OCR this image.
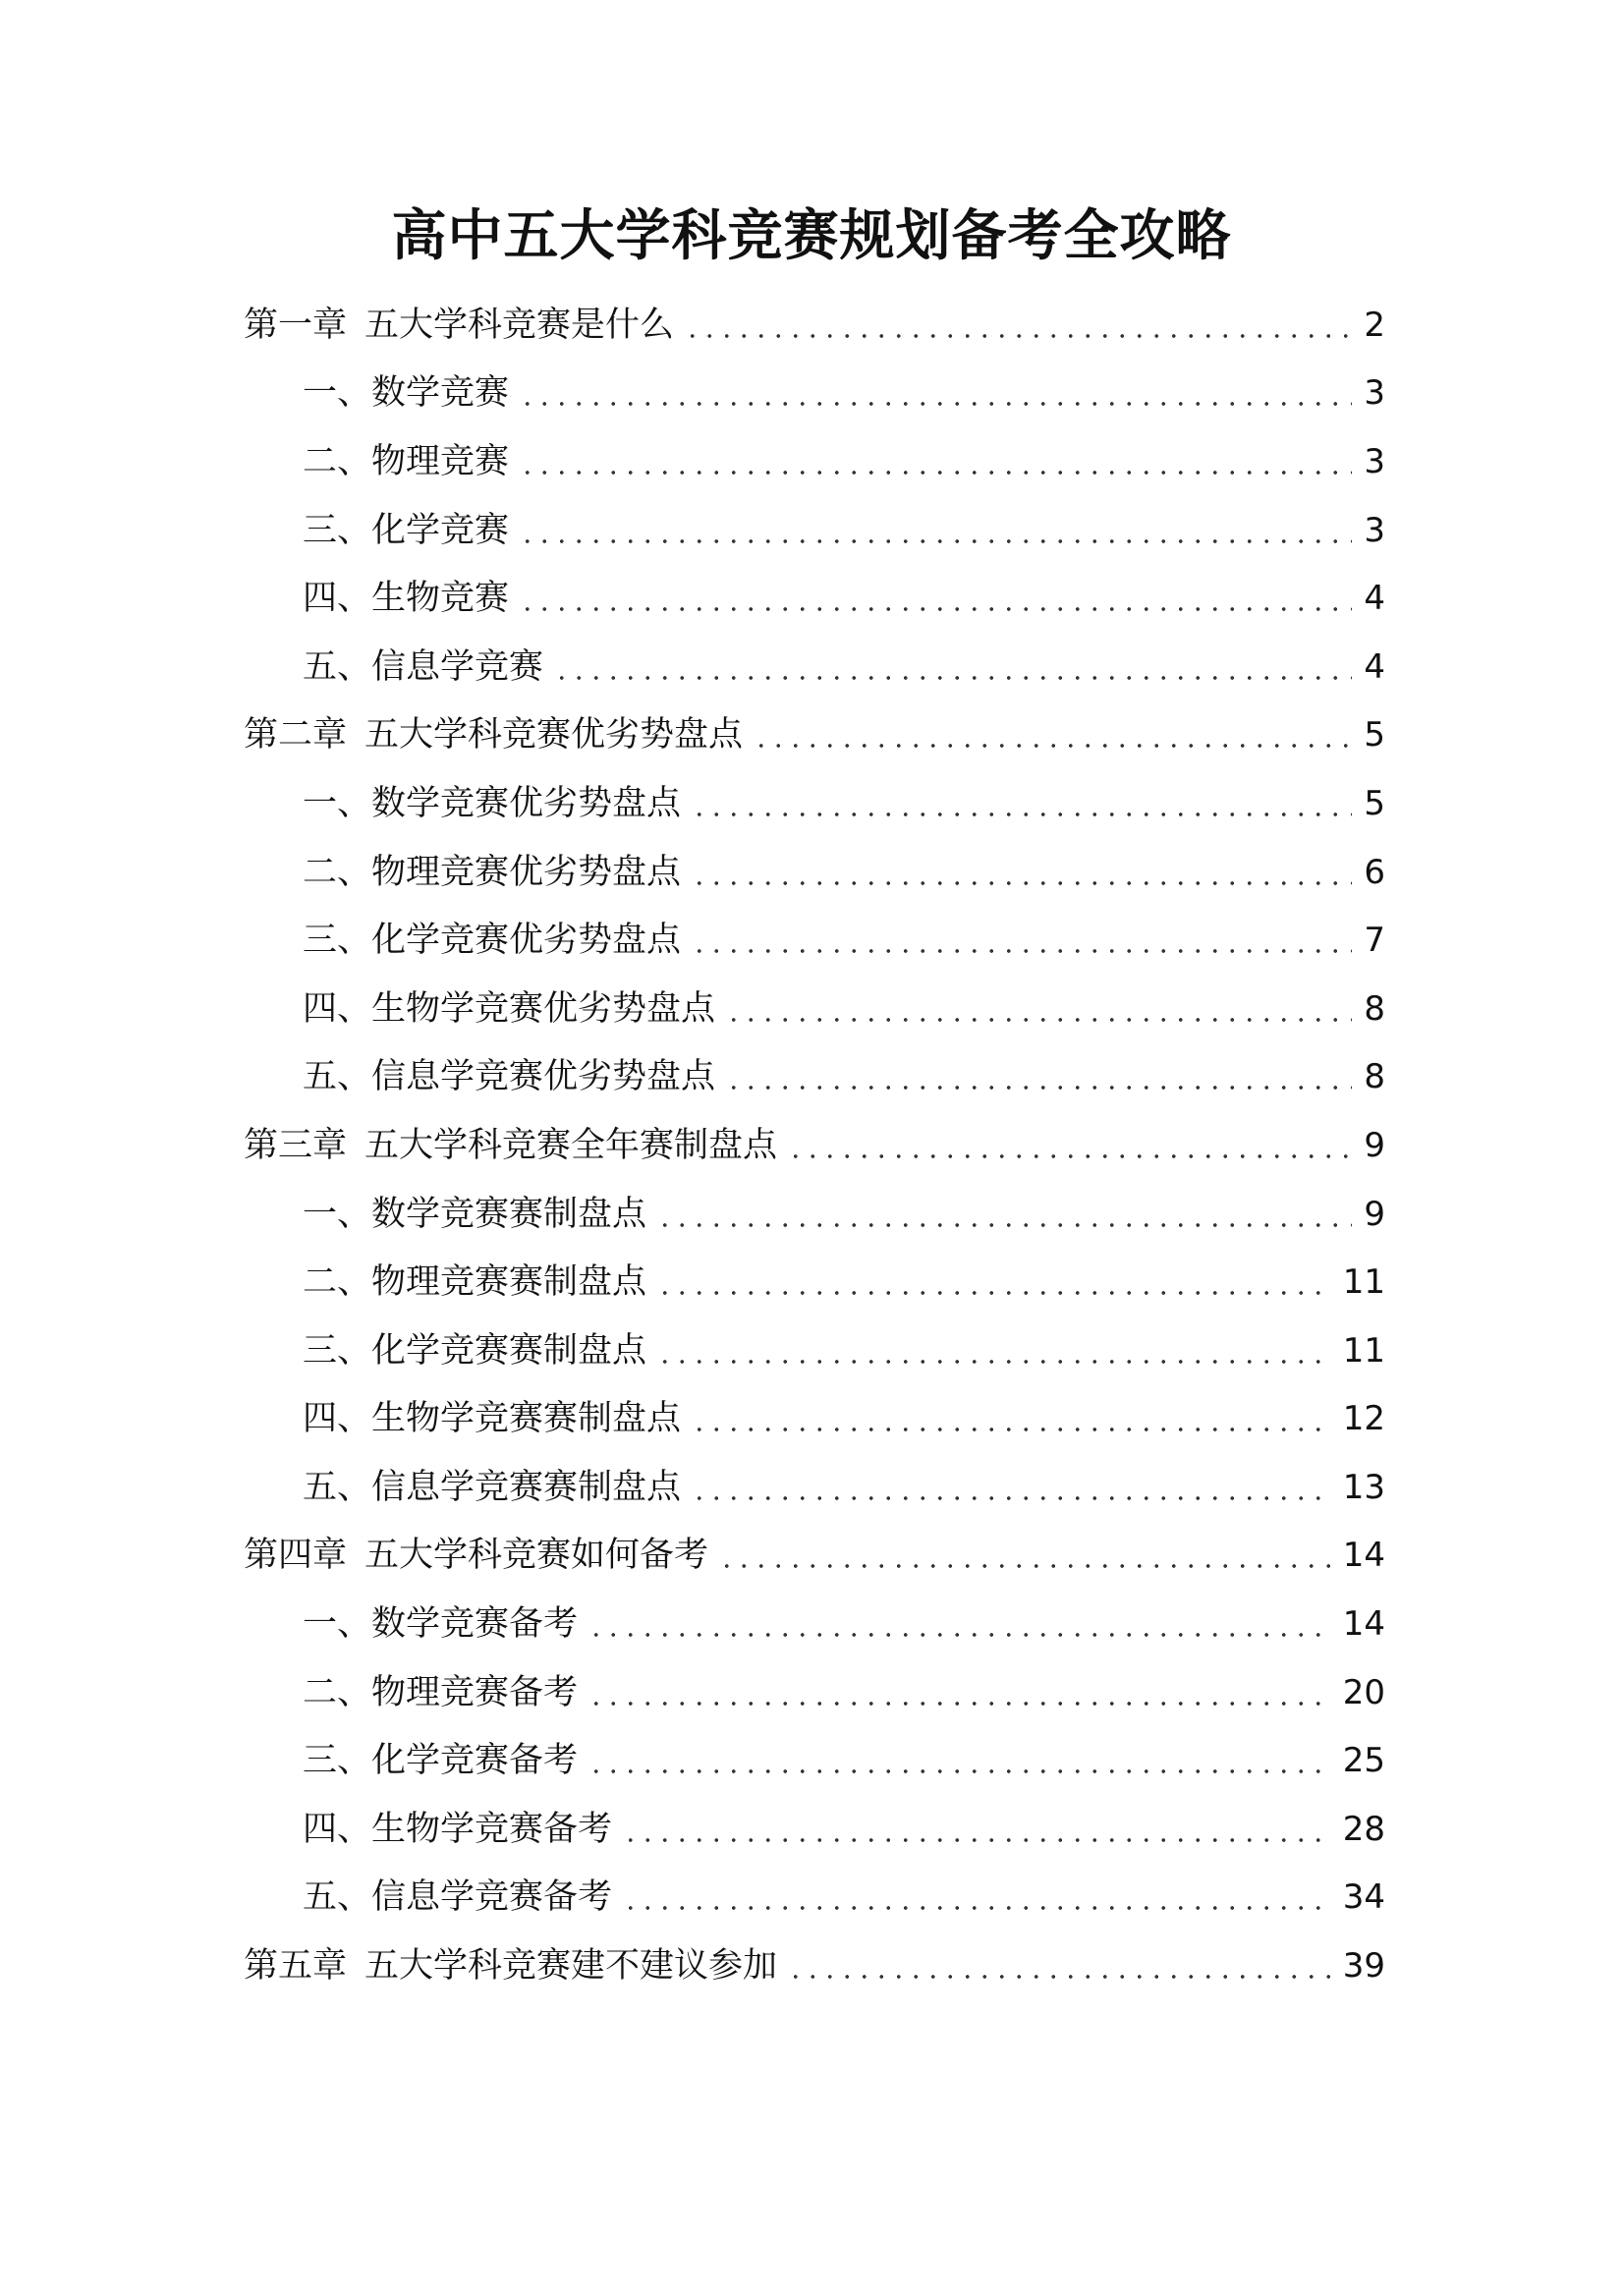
高中五大学科竞赛规划备考全攻略
第一章 五大学科竞赛是什么	2
一、数学竞赛	3
二、物理竞赛	3
三、化学竞赛	3
四、生物竞赛	4
五、信息学竞赛	4
第二章 五大学科竞赛优劣势盘点	5
一、数学竞赛优劣势盘点	5
二、物理竞赛优劣势盘点	6
三、化学竞赛优劣势盘点	7
四、生物学竞赛优劣势盘点	8
五、信息学竞赛优劣势盘点	8
第三章 五大学科竞赛全年赛制盘点	9
一、数学竞赛赛制盘点	9
二、物理竞赛赛制盘点	11
三、化学竞赛赛制盘点	11
四、生物学竞赛赛制盘点	12
五、信息学竞赛赛制盘点	13
第四章 五大学科竞赛如何备考	14
一、数学竞赛备考	14
二、物理竞赛备考	20
三、化学竞赛备考	25
四、生物学竞赛备考	28
五、信息学竞赛备考	34
第五章 五大学科竞赛建不建议参加	39
